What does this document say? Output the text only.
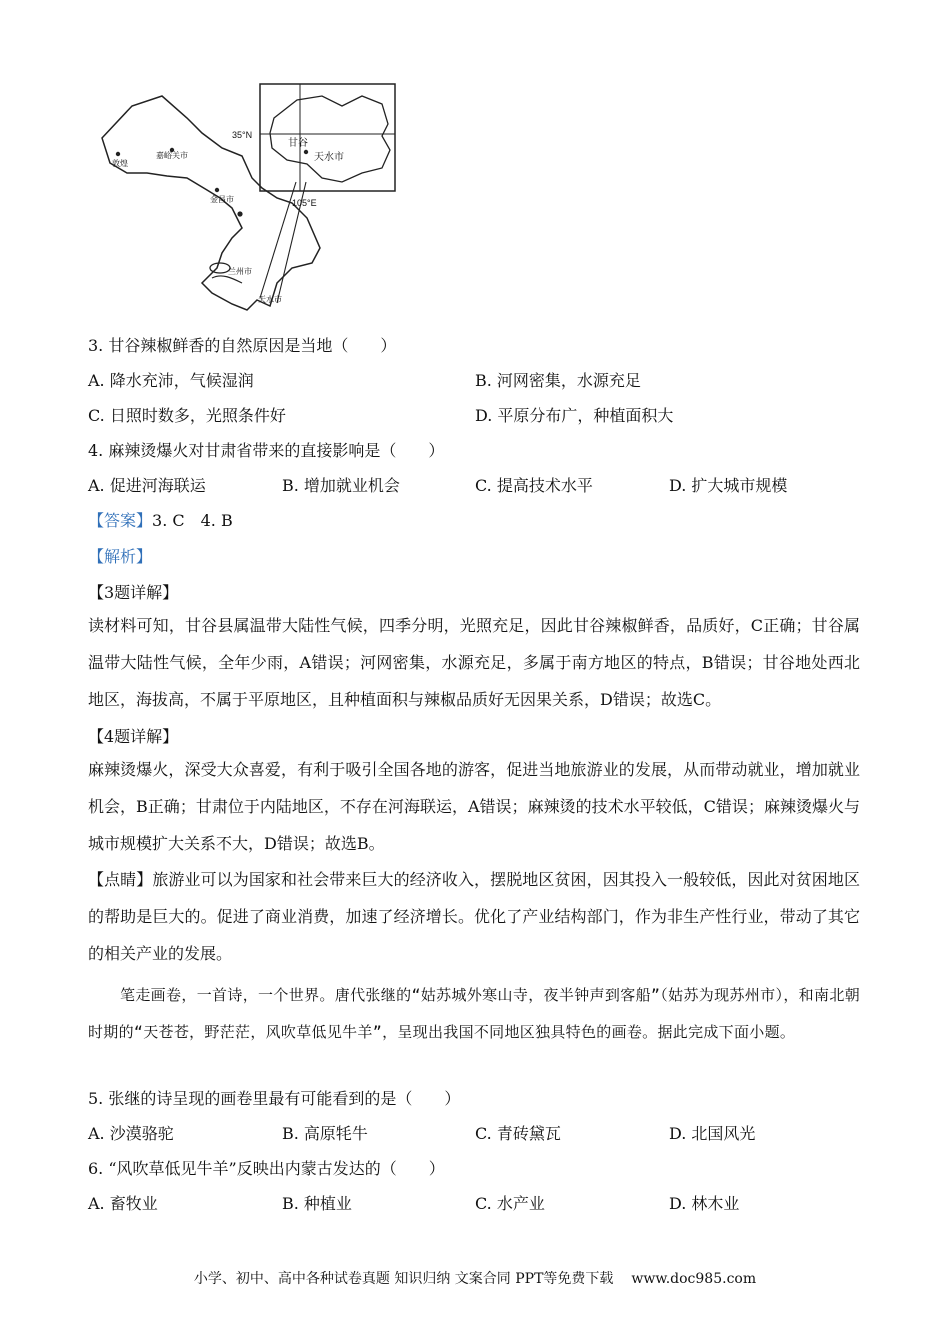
35°N
105°E
甘谷
天水市
敦煌
嘉峪关市
金昌市
兰州市
天水市
3. 甘谷辣椒鲜香的自然原因是当地（　　）
A. 降水充沛，气候湿润	B. 河网密集，水源充足
C. 日照时数多，光照条件好	D. 平原分布广，种植面积大
4. 麻辣烫爆火对甘肃省带来的直接影响是（　　）
A. 促进河海联运	B. 增加就业机会	C. 提高技术水平	D. 扩大城市规模
【答案】3. C　4. B
【解析】
【3题详解】
读材料可知，甘谷县属温带大陆性气候，四季分明，光照充足，因此甘谷辣椒鲜香，品质好，C正确；甘谷属温带大陆性气候，全年少雨，A错误；河网密集，水源充足，多属于南方地区的特点，B错误；甘谷地处西北地区，海拔高，不属于平原地区，且种植面积与辣椒品质好无因果关系，D错误；故选C。
【4题详解】
麻辣烫爆火，深受大众喜爱，有利于吸引全国各地的游客，促进当地旅游业的发展，从而带动就业，增加就业机会，B正确；甘肃位于内陆地区，不存在河海联运，A错误；麻辣烫的技术水平较低，C错误；麻辣烫爆火与城市规模扩大关系不大，D错误；故选B。
【点睛】旅游业可以为国家和社会带来巨大的经济收入，摆脱地区贫困，因其投入一般较低，因此对贫困地区的帮助是巨大的。促进了商业消费，加速了经济增长。优化了产业结构部门，作为非生产性行业，带动了其它的相关产业的发展。
笔走画卷，一首诗，一个世界。唐代张继的“姑苏城外寒山寺，夜半钟声到客船”（姑苏为现苏州市），和南北朝时期的“天苍苍，野茫茫，风吹草低见牛羊”，呈现出我国不同地区独具特色的画卷。据此完成下面小题。
5. 张继的诗呈现的画卷里最有可能看到的是（　　）
A. 沙漠骆驼	B. 高原牦牛	C. 青砖黛瓦	D. 北国风光
6. “风吹草低见牛羊”反映出内蒙古发达的（　　）
A. 畜牧业	B. 种植业	C. 水产业	D. 林木业
小学、初中、高中各种试卷真题 知识归纳 文案合同 PPT等免费下载 www.doc985.com
